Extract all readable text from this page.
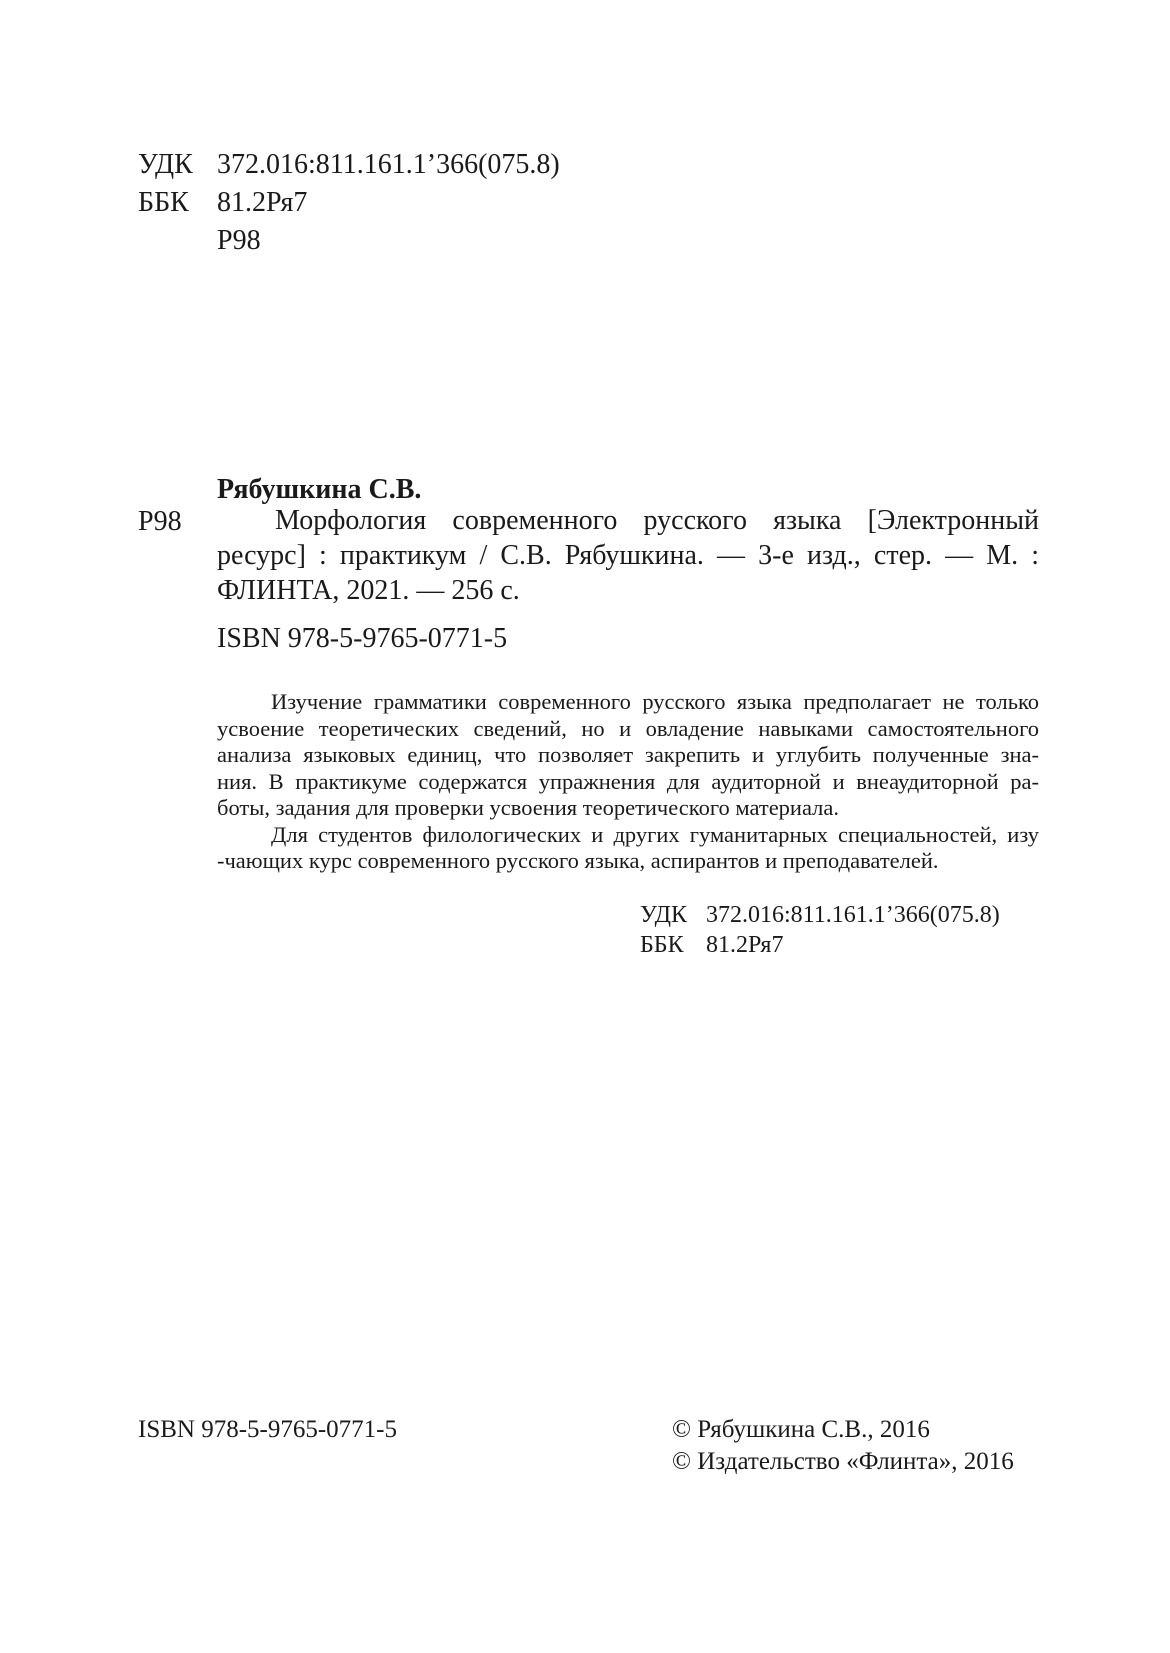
УДК 372.016:811.161.1’366(075.8)
ББК 81.2Ря7
Р98
Рябушкина С.В.
Р98	Морфология современного русского языка [Электронный
ресурс] : практикум / С.В. Рябушкина. — 3-е изд., стер. — М. :
ФЛИНТА, 2021. — 256 с.
ISBN 978-5-9765-0771-5
Изучение грамматики современного русского языка предполагает не только
усвоение теоретических сведений, но и овладение навыками самостоятельного
анализа языковых единиц, что позволяет закрепить и углубить полученные зна-
ния. В практикуме содержатся упражнения для аудиторной и внеаудиторной ра-
боты, задания для проверки усвоения теоретического материала.
Для студентов филологических и других гуманитарных специальностей, изу
-чающих курс современного русского языка, аспирантов и преподавателей.
УДК 372.016:811.161.1’366(075.8)
ББК 81.2Ря7
ISBN 978-5-9765-0771-5	© Рябушкина С.В., 2016
© Издательство «Флинта», 2016
